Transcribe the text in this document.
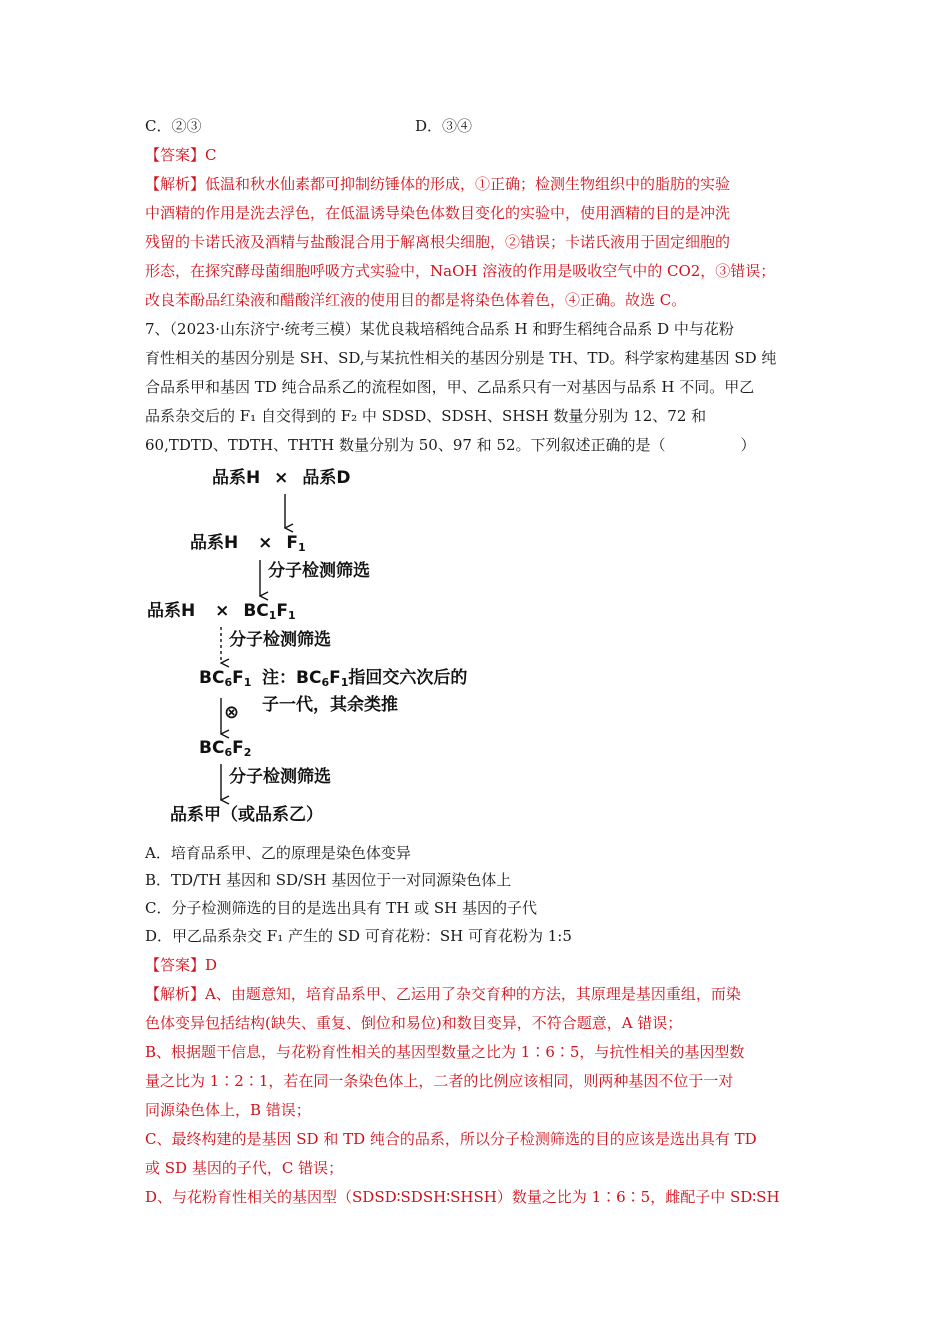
C．②③	D．③④
【答案】C
【解析】低温和秋水仙素都可抑制纺锤体的形成，①正确；检测生物组织中的脂肪的实验
中酒精的作用是洗去浮色，在低温诱导染色体数目变化的实验中，使用酒精的目的是冲洗
残留的卡诺氏液及酒精与盐酸混合用于解离根尖细胞，②错误；卡诺氏液用于固定细胞的
形态，在探究酵母菌细胞呼吸方式实验中，NaOH 溶液的作用是吸收空气中的 CO2，③错误；
改良苯酚品红染液和醋酸洋红液的使用目的都是将染色体着色，④正确。故选 C。
7、（2023·山东济宁·统考三模）某优良栽培稻纯合品系 H 和野生稻纯合品系 D 中与花粉
育性相关的基因分别是 SH、SD,与某抗性相关的基因分别是 TH、TD。科学家构建基因 SD 纯
合品系甲和基因 TD 纯合品系乙的流程如图，甲、乙品系只有一对基因与品系 H 不同。甲乙
品系杂交后的 F₁ 自交得到的 F₂ 中 SDSD、SDSH、SHSH 数量分别为 12、72 和
60,TDTD、TDTH、THTH 数量分别为 50、97 和 52。下列叙述正确的是（　　　　　）
品系H × 品系D
品系$H \times F_1$
分子检测筛选
品系$H \times BC_1F_1$
分子检测筛选
$BC_6F_1$ 注：$BC_6F_1$指回交六次后的
子一代，其余类推
⊗
$BC_6F_2$
分子检测筛选
品系甲（或品系乙）
A．培育品系甲、乙的原理是染色体变异
B．TD/TH 基因和 SD/SH 基因位于一对同源染色体上
C．分子检测筛选的目的是选出具有 TH 或 SH 基因的子代
D．甲乙品系杂交 F₁ 产生的 SD 可育花粉：SH 可育花粉为 1:5
【答案】D
【解析】A、由题意知，培育品系甲、乙运用了杂交育种的方法，其原理是基因重组，而染
色体变异包括结构(缺失、重复、倒位和易位)和数目变异，不符合题意，A 错误；
B、根据题干信息，与花粉育性相关的基因型数量之比为 1∶6∶5，与抗性相关的基因型数
量之比为 1∶2∶1，若在同一条染色体上，二者的比例应该相同，则两种基因不位于一对
同源染色体上，B 错误；
C、最终构建的是基因 SD 和 TD 纯合的品系，所以分子检测筛选的目的应该是选出具有 TD
或 SD 基因的子代，C 错误；
D、与花粉育性相关的基因型（SDSD∶SDSH∶SHSH）数量之比为 1∶6∶5，雌配子中 SD∶SH
